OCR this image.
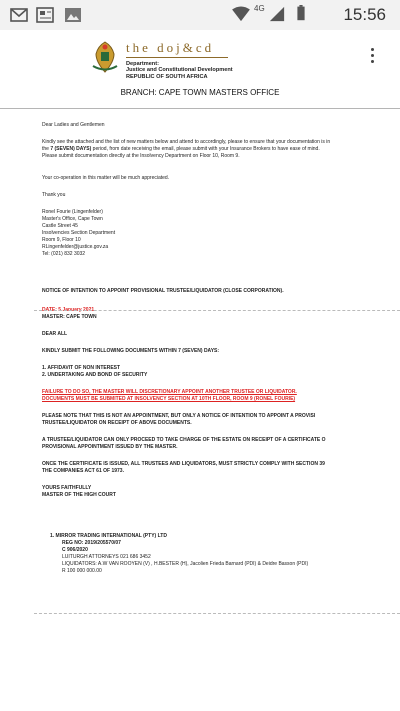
4G	15:56
the doj&cd
Department:
Justice and Constitutional Development
REPUBLIC OF SOUTH AFRICA
BRANCH: CAPE TOWN MASTERS OFFICE

Dear Ladies and Gentlemen

Kindly see the attached and the list of new matters below and attend to accordingly, please to ensure that your documentation is in

the 7 (SEVEN) DAYS) period, from date receiving the email, please submit with your Insurance Brokers to have ease of mind.

Please submit documentation directly at the Insolvency Department on Floor 10, Room 9.

Your co-operation in this matter will be much appreciated.

Thank you

Ronel Fourie (Lingenfelder)

Master's Office, Cape Town

Castle Street 45

Insolvencies Section Department

Room 9, Floor 10

RLingenfelder@justice.gov.za

Tel: (021) 832 3032

NOTICE OF INTENTION TO APPOINT PROVISIONAL TRUSTEE/LIQUIDATOR (CLOSE CORPORATION).

DATE: 5 January 2021

MASTER: CAPE TOWN

DEAR ALL

KINDLY SUBMIT THE FOLLOWING DOCUMENTS WITHIN 7 (SEVEN) DAYS:

1. AFFIDAVIT OF NON INTEREST

2. UNDERTAKING AND BOND OF SECURITY

FAILURE TO DO SO, THE MASTER WILL DISCRETIONARY APPOINT ANOTHER TRUSTEE OR LIQUIDATOR.

DOCUMENTS MUST BE SUBMITED AT INSOLVENCY SECTION AT 10TH FLOOR, ROOM 9 (RONEL FOURIE)

PLEASE NOTE THAT THIS IS NOT AN APPOINTMENT, BUT ONLY A NOTICE OF INTENTION TO APPOINT A PROVISI

TRUSTEE/LIQUIDATOR ON RECEIPT OF ABOVE DOCUMENTS.

A TRUSTEE/LIQUIDATOR CAN ONLY PROCEED TO TAKE CHARGE OF THE ESTATE ON RECEIPT OF A CERTIFICATE O

PROVISIONAL APPOINTMENT ISSUED BY THE MASTER.

ONCE THE CERTIFICATE IS ISSUED, ALL TRUSTEES AND LIQUIDATORS, MUST STRICTLY COMPLY WITH SECTION 39

THE COMPANIES ACT 61 OF 1973.

YOURS FAITHFULLY

MASTER OF THE HIGH COURT

1. MIRROR TRADING INTERNATIONAL (PTY) LTD

REG NO: 2019/205570/07

C 906/2020

LUITURGH ATTORNEYS 021 686 3452

LIQUIDATORS: A.W VAN ROOYEN (V) , H.BESTER (H), Jacolien Frieda Barnard (PDI) & Deidre Basson (PDI)

R 100 000 000.00
